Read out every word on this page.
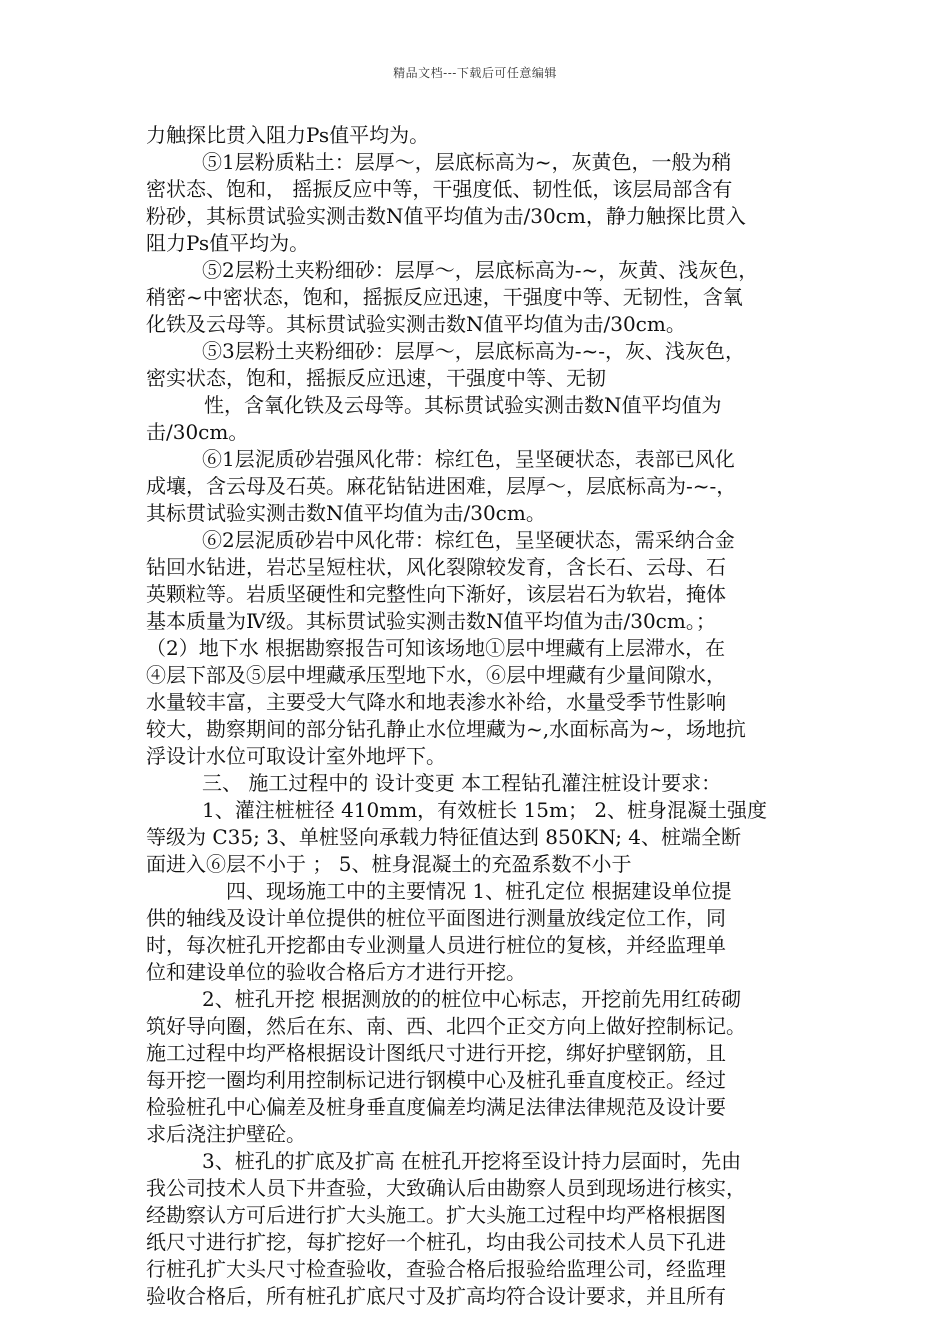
精品文档---下载后可任意编辑
力触探比贯入阻力Ps值平均为。
⑤1层粉质粘土：层厚～，层底标高为~，灰黄色，一般为稍
密状态、饱和， 摇振反应中等，干强度低、韧性低，该层局部含有
粉砂，其标贯试验实测击数N值平均值为击/30cm，静力触探比贯入
阻力Ps值平均为。
⑤2层粉土夹粉细砂：层厚～，层底标高为-~，灰黄、浅灰色，
稍密~中密状态，饱和，摇振反应迅速，干强度中等、无韧性，含氧
化铁及云母等。其标贯试验实测击数N值平均值为击/30cm。
⑤3层粉土夹粉细砂：层厚～，层底标高为-~-，灰、浅灰色，
密实状态，饱和，摇振反应迅速，干强度中等、无韧
性，含氧化铁及云母等。其标贯试验实测击数N值平均值为
击/30cm。
⑥1层泥质砂岩强风化带：棕红色，呈坚硬状态，表部已风化
成壤，含云母及石英。麻花钻钻进困难，层厚～，层底标高为-~-，
其标贯试验实测击数N值平均值为击/30cm。
⑥2层泥质砂岩中风化带：棕红色，呈坚硬状态，需采纳合金
钻回水钻进，岩芯呈短柱状，风化裂隙较发育，含长石、云母、石
英颗粒等。岩质坚硬性和完整性向下渐好，该层岩石为软岩，掩体
基本质量为Ⅳ级。其标贯试验实测击数N值平均值为击/30cm。；
（2）地下水 根据勘察报告可知该场地①层中埋藏有上层滞水，在
④层下部及⑤层中埋藏承压型地下水，⑥层中埋藏有少量间隙水，
水量较丰富，主要受大气降水和地表渗水补给，水量受季节性影响
较大，勘察期间的部分钻孔静止水位埋藏为~,水面标高为~，场地抗
浮设计水位可取设计室外地坪下。
三、 施工过程中的 设计变更 本工程钻孔灌注桩设计要求：
1、灌注桩桩径 410mm，有效桩长 15m； 2、桩身混凝土强度
等级为 C35; 3、单桩竖向承载力特征值达到 850KN; 4、桩端全断
面进入⑥层不小于 ； 5、桩身混凝土的充盈系数不小于
四、现场施工中的主要情况 1、桩孔定位 根据建设单位提
供的轴线及设计单位提供的桩位平面图进行测量放线定位工作，同
时，每次桩孔开挖都由专业测量人员进行桩位的复核，并经监理单
位和建设单位的验收合格后方才进行开挖。
2、桩孔开挖 根据测放的的桩位中心标志，开挖前先用红砖砌
筑好导向圈，然后在东、南、西、北四个正交方向上做好控制标记。
施工过程中均严格根据设计图纸尺寸进行开挖，绑好护壁钢筋，且
每开挖一圈均利用控制标记进行钢模中心及桩孔垂直度校正。经过
检验桩孔中心偏差及桩身垂直度偏差均满足法律法律规范及设计要
求后浇注护壁砼。
3、桩孔的扩底及扩高 在桩孔开挖将至设计持力层面时，先由
我公司技术人员下井查验，大致确认后由勘察人员到现场进行核实，
经勘察认方可后进行扩大头施工。扩大头施工过程中均严格根据图
纸尺寸进行扩挖，每扩挖好一个桩孔，均由我公司技术人员下孔进
行桩孔扩大头尺寸检查验收，查验合格后报验给监理公司，经监理
验收合格后，所有桩孔扩底尺寸及扩高均符合设计要求，并且所有
